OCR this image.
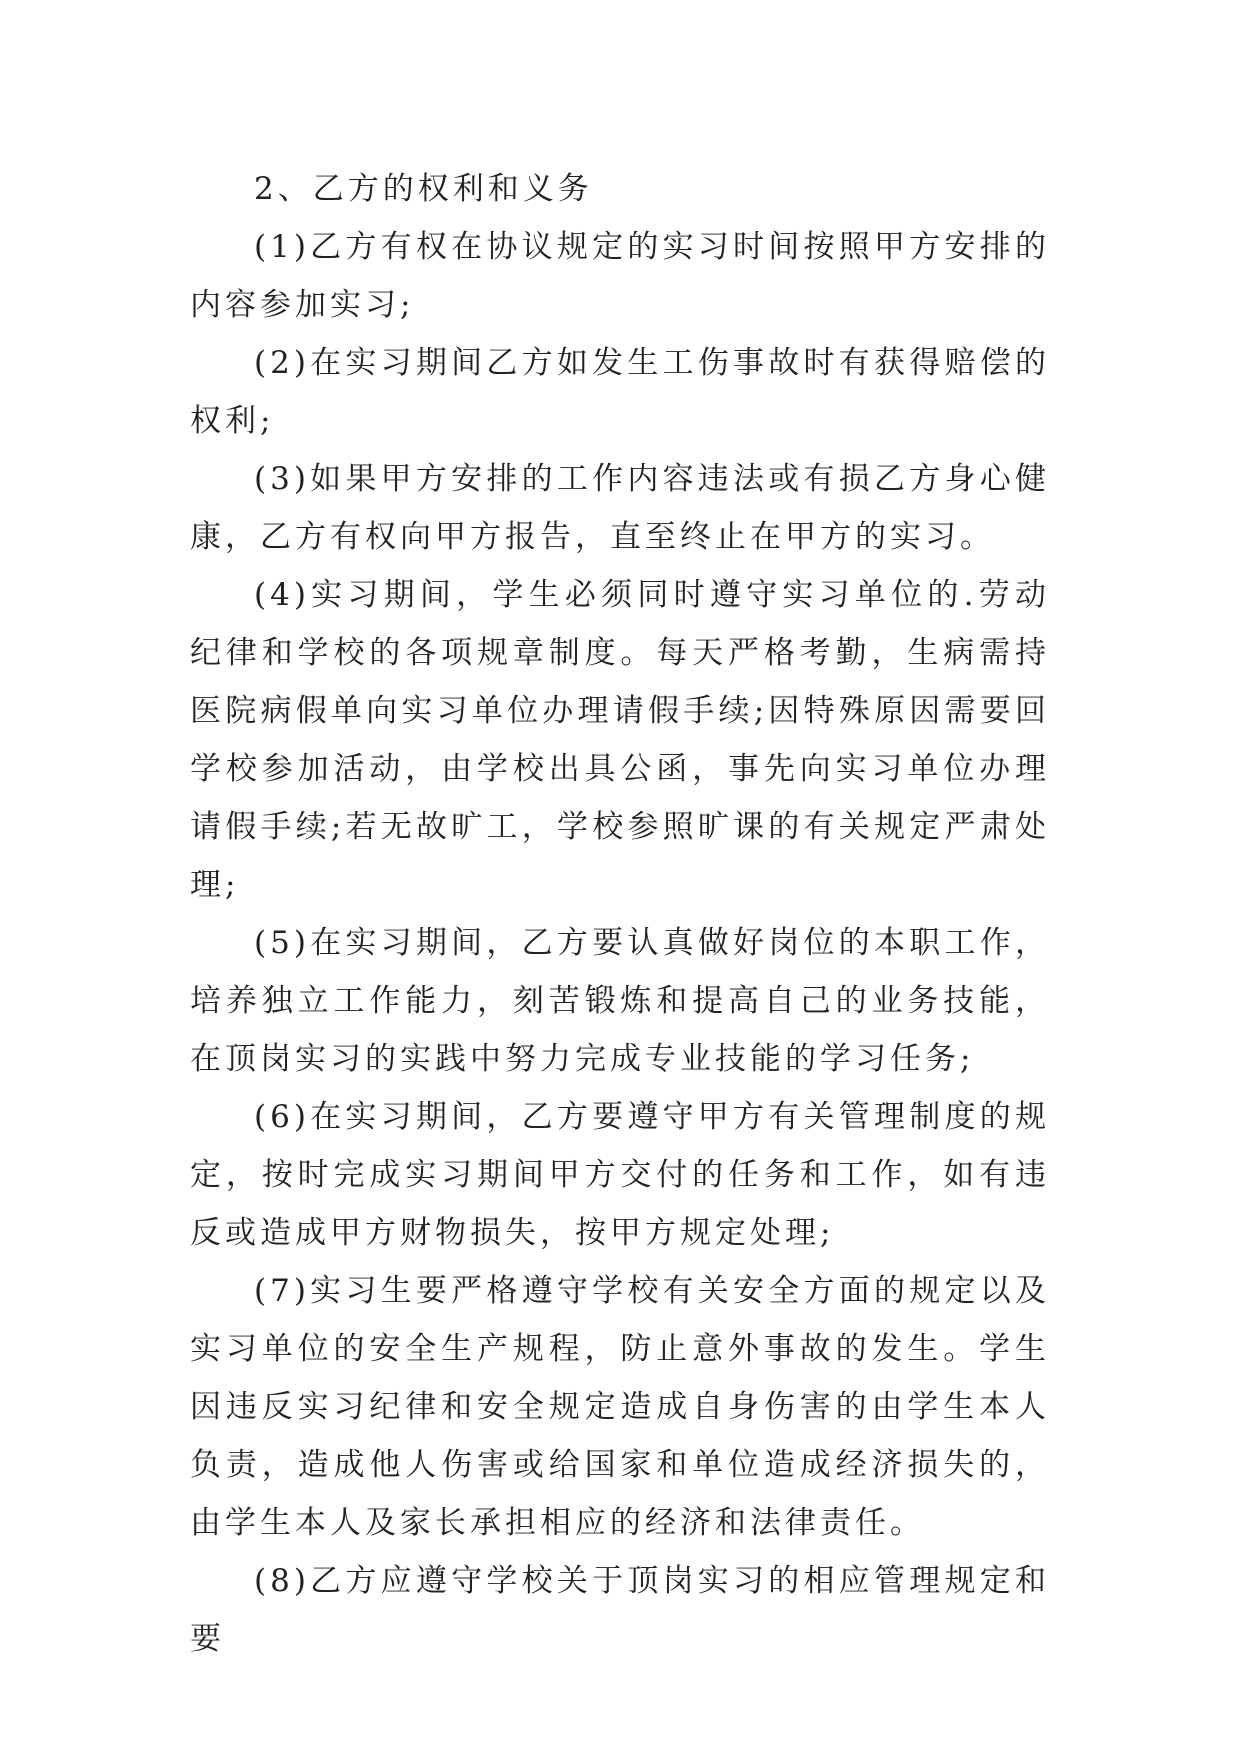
2、乙方的权利和义务

(1)乙方有权在协议规定的实习时间按照甲方安排的内容参加实习;

(2)在实习期间乙方如发生工伤事故时有获得赔偿的权利;

(3)如果甲方安排的工作内容违法或有损乙方身心健康，乙方有权向甲方报告，直至终止在甲方的实习。

(4)实习期间，学生必须同时遵守实习单位的.劳动纪律和学校的各项规章制度。每天严格考勤，生病需持医院病假单向实习单位办理请假手续;因特殊原因需要回学校参加活动，由学校出具公函，事先向实习单位办理请假手续;若无故旷工，学校参照旷课的有关规定严肃处理;

(5)在实习期间，乙方要认真做好岗位的本职工作，培养独立工作能力，刻苦锻炼和提高自己的业务技能，在顶岗实习的实践中努力完成专业技能的学习任务;

(6)在实习期间，乙方要遵守甲方有关管理制度的规定，按时完成实习期间甲方交付的任务和工作，如有违反或造成甲方财物损失，按甲方规定处理;

(7)实习生要严格遵守学校有关安全方面的规定以及实习单位的安全生产规程，防止意外事故的发生。学生因违反实习纪律和安全规定造成自身伤害的由学生本人负责，造成他人伤害或给国家和单位造成经济损失的，由学生本人及家长承担相应的经济和法律责任。

(8)乙方应遵守学校关于顶岗实习的相应管理规定和要
